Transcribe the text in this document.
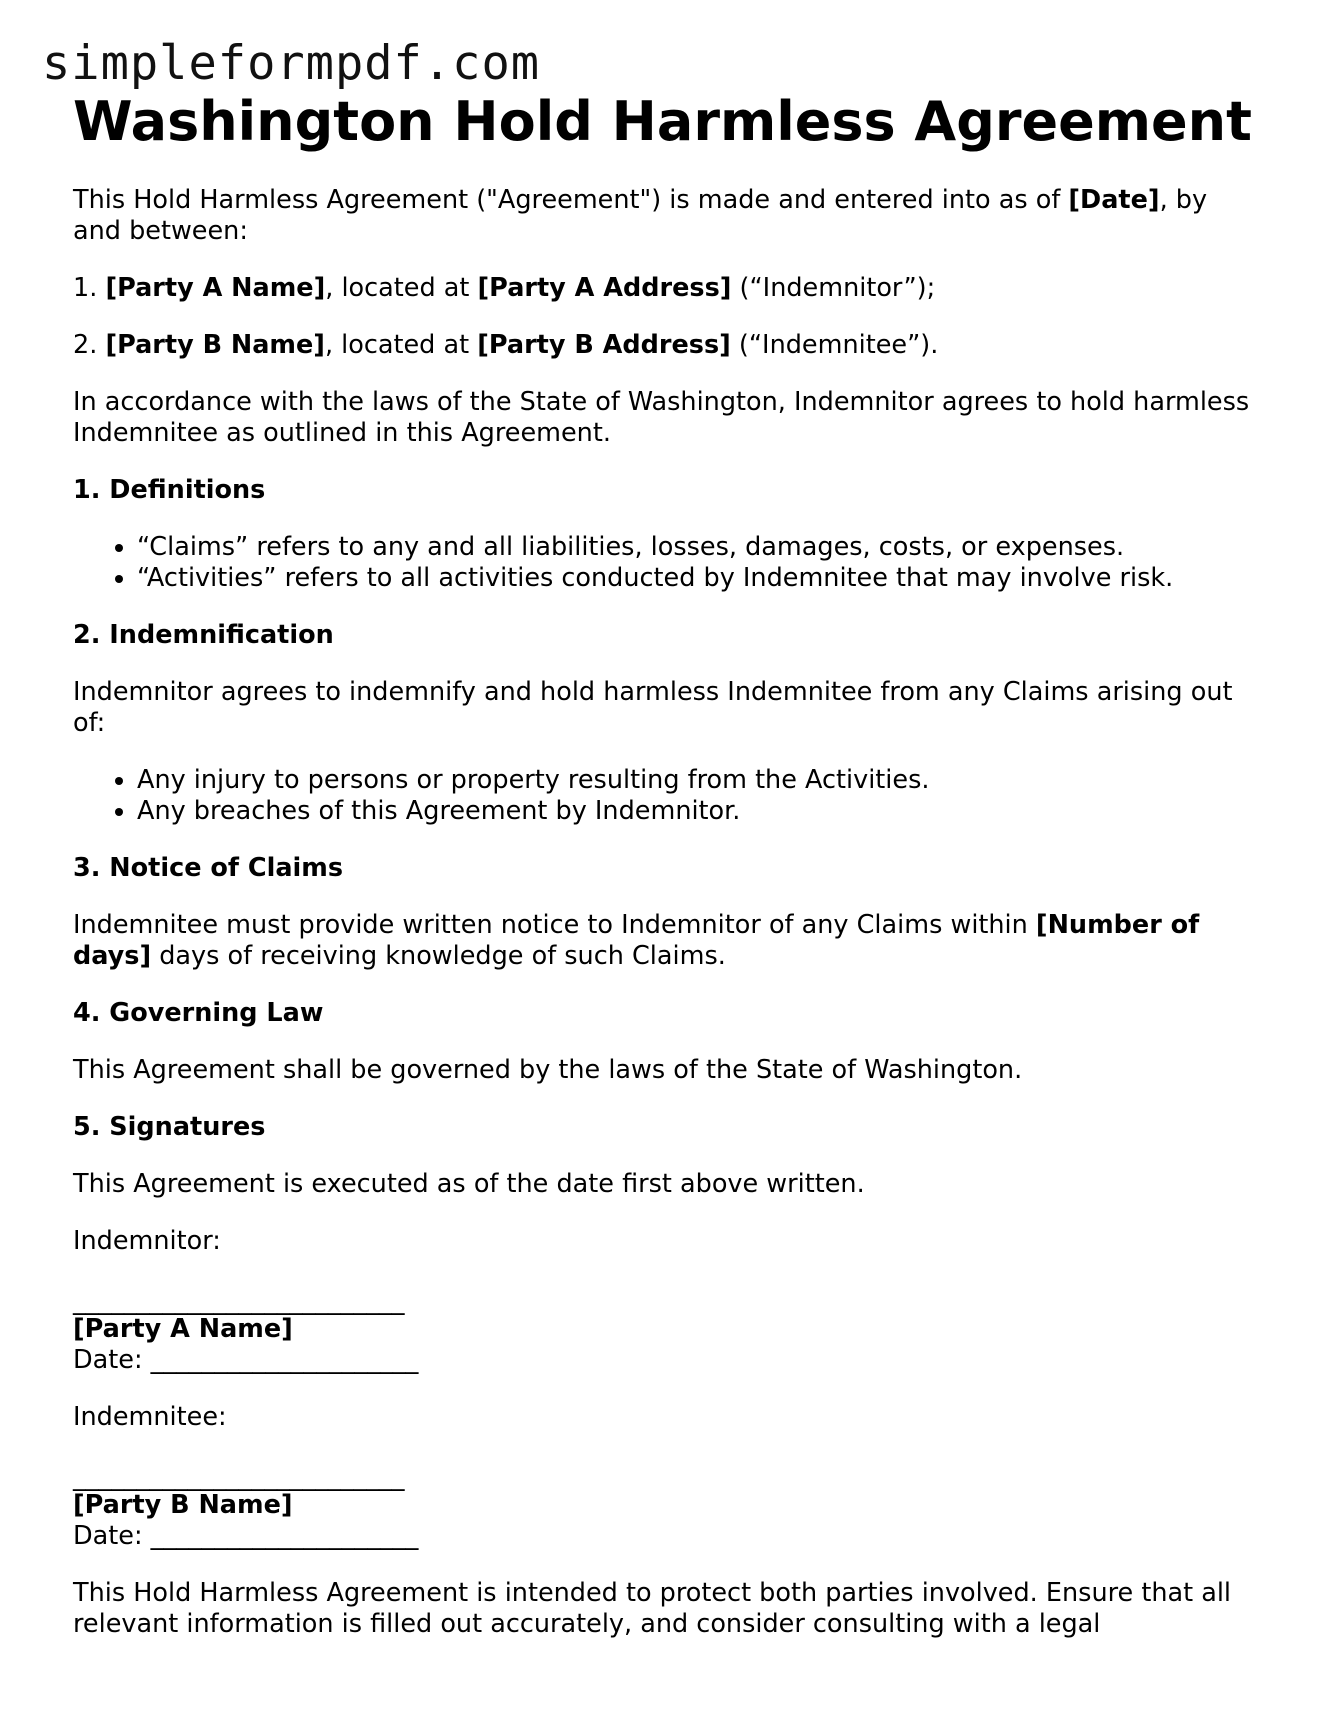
simpleformpdf.com
Washington Hold Harmless Agreement

This Hold Harmless Agreement ("Agreement") is made and entered into as of [Date], by and between:

1. [Party A Name], located at [Party A Address] (“Indemnitor”);

2. [Party B Name], located at [Party B Address] (“Indemnitee”).

In accordance with the laws of the State of Washington, Indemnitor agrees to hold harmless Indemnitee as outlined in this Agreement.

1. Definitions
• “Claims” refers to any and all liabilities, losses, damages, costs, or expenses.
• “Activities” refers to all activities conducted by Indemnitee that may involve risk.
2. Indemnification

Indemnitor agrees to indemnify and hold harmless Indemnitee from any Claims arising out of:

• Any injury to persons or property resulting from the Activities.
• Any breaches of this Agreement by Indemnitor.
3. Notice of Claims

Indemnitee must provide written notice to Indemnitor of any Claims within [Number of days] days of receiving knowledge of such Claims.

4. Governing Law

This Agreement shall be governed by the laws of the State of Washington.

5. Signatures

This Agreement is executed as of the date first above written.

Indemnitor:

__________________________
[Party A Name]
Date: _____________________

Indemnitee:

__________________________
[Party B Name]
Date: _____________________

This Hold Harmless Agreement is intended to protect both parties involved. Ensure that all relevant information is filled out accurately, and consider consulting with a legal
